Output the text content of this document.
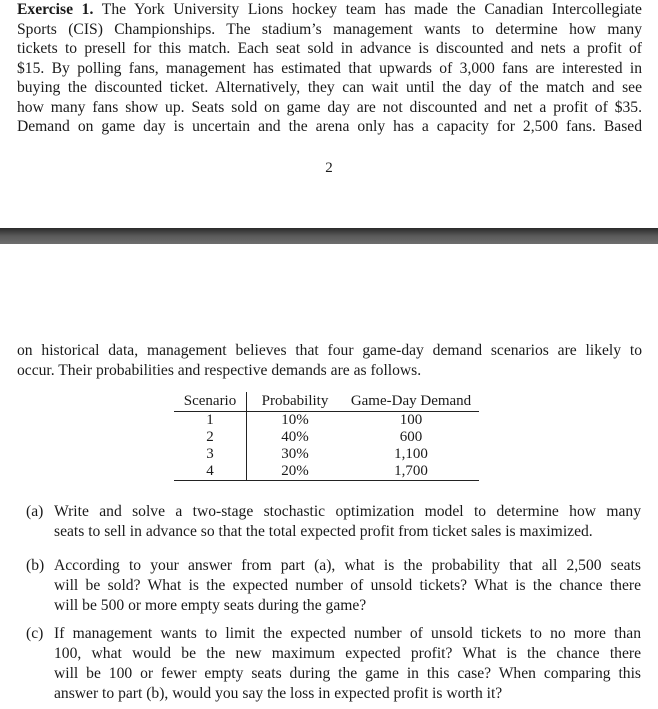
Exercise 1. The York University Lions hockey team has made the Canadian Intercollegiate
Sports (CIS) Championships. The stadium’s management wants to determine how many
tickets to presell for this match. Each seat sold in advance is discounted and nets a profit of
$15. By polling fans, management has estimated that upwards of 3,000 fans are interested in
buying the discounted ticket. Alternatively, they can wait until the day of the match and see
how many fans show up. Seats sold on game day are not discounted and net a profit of $35.
Demand on game day is uncertain and the arena only has a capacity for 2,500 fans. Based
2
on historical data, management believes that four game-day demand scenarios are likely to
occur. Their probabilities and respective demands are as follows.
Scenario	Probability	Game-Day Demand
1	10%	100
2	40%	600
3	30%	1,100
4	20%	1,700
(a) Write and solve a two-stage stochastic optimization model to determine how many
seats to sell in advance so that the total expected profit from ticket sales is maximized.
(b) According to your answer from part (a), what is the probability that all 2,500 seats
will be sold? What is the expected number of unsold tickets? What is the chance there
will be 500 or more empty seats during the game?
(c) If management wants to limit the expected number of unsold tickets to no more than
100, what would be the new maximum expected profit? What is the chance there
will be 100 or fewer empty seats during the game in this case? When comparing this
answer to part (b), would you say the loss in expected profit is worth it?
